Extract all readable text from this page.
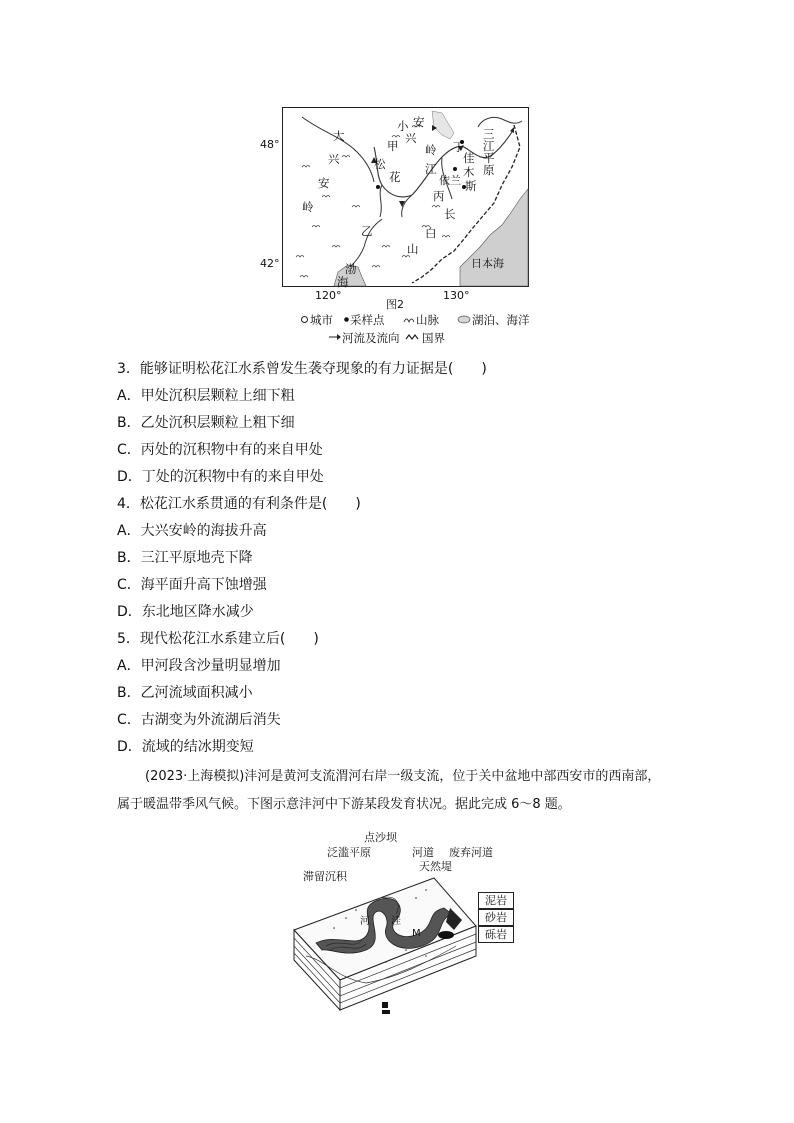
48°
42°
120°	130°
大
兴
安
岭
小
兴
安
岭
甲
松
花
江
丁
佳
木
斯
依兰
丙
长
白
山
乙
渤
海
三江平原
日本海
图2
城市 采样点	山脉	湖泊、海洋
河流及流向 国界
3．能够证明松花江水系曾发生袭夺现象的有力证据是(　　)
A．甲处沉积层颗粒上细下粗
B．乙处沉积层颗粒上粗下细
C．丙处的沉积物中有的来自甲处
D．丁处的沉积物中有的来自甲处
4．松花江水系贯通的有利条件是(　　)
A．大兴安岭的海拔升高
B．三江平原地壳下降
C．海平面升高下蚀增强
D．东北地区降水减少
5．现代松花江水系建立后(　　)
A．甲河段含沙量明显增加
B．乙河流域面积减小
C．古湖变为外流湖后消失
D．流域的结冰期变短
(2023·上海模拟)沣河是黄河支流渭河右岸一级支流，位于关中盆地中部西安市的西南部，
属于暖温带季风气候。下图示意沣河中下游某段发育状况。据此完成 6～8 题。
点沙坝
泛滥平原	河道 废弃河道
天然堤
滞留沉积
河 洼
M
泥岩
砂岩
砾岩
